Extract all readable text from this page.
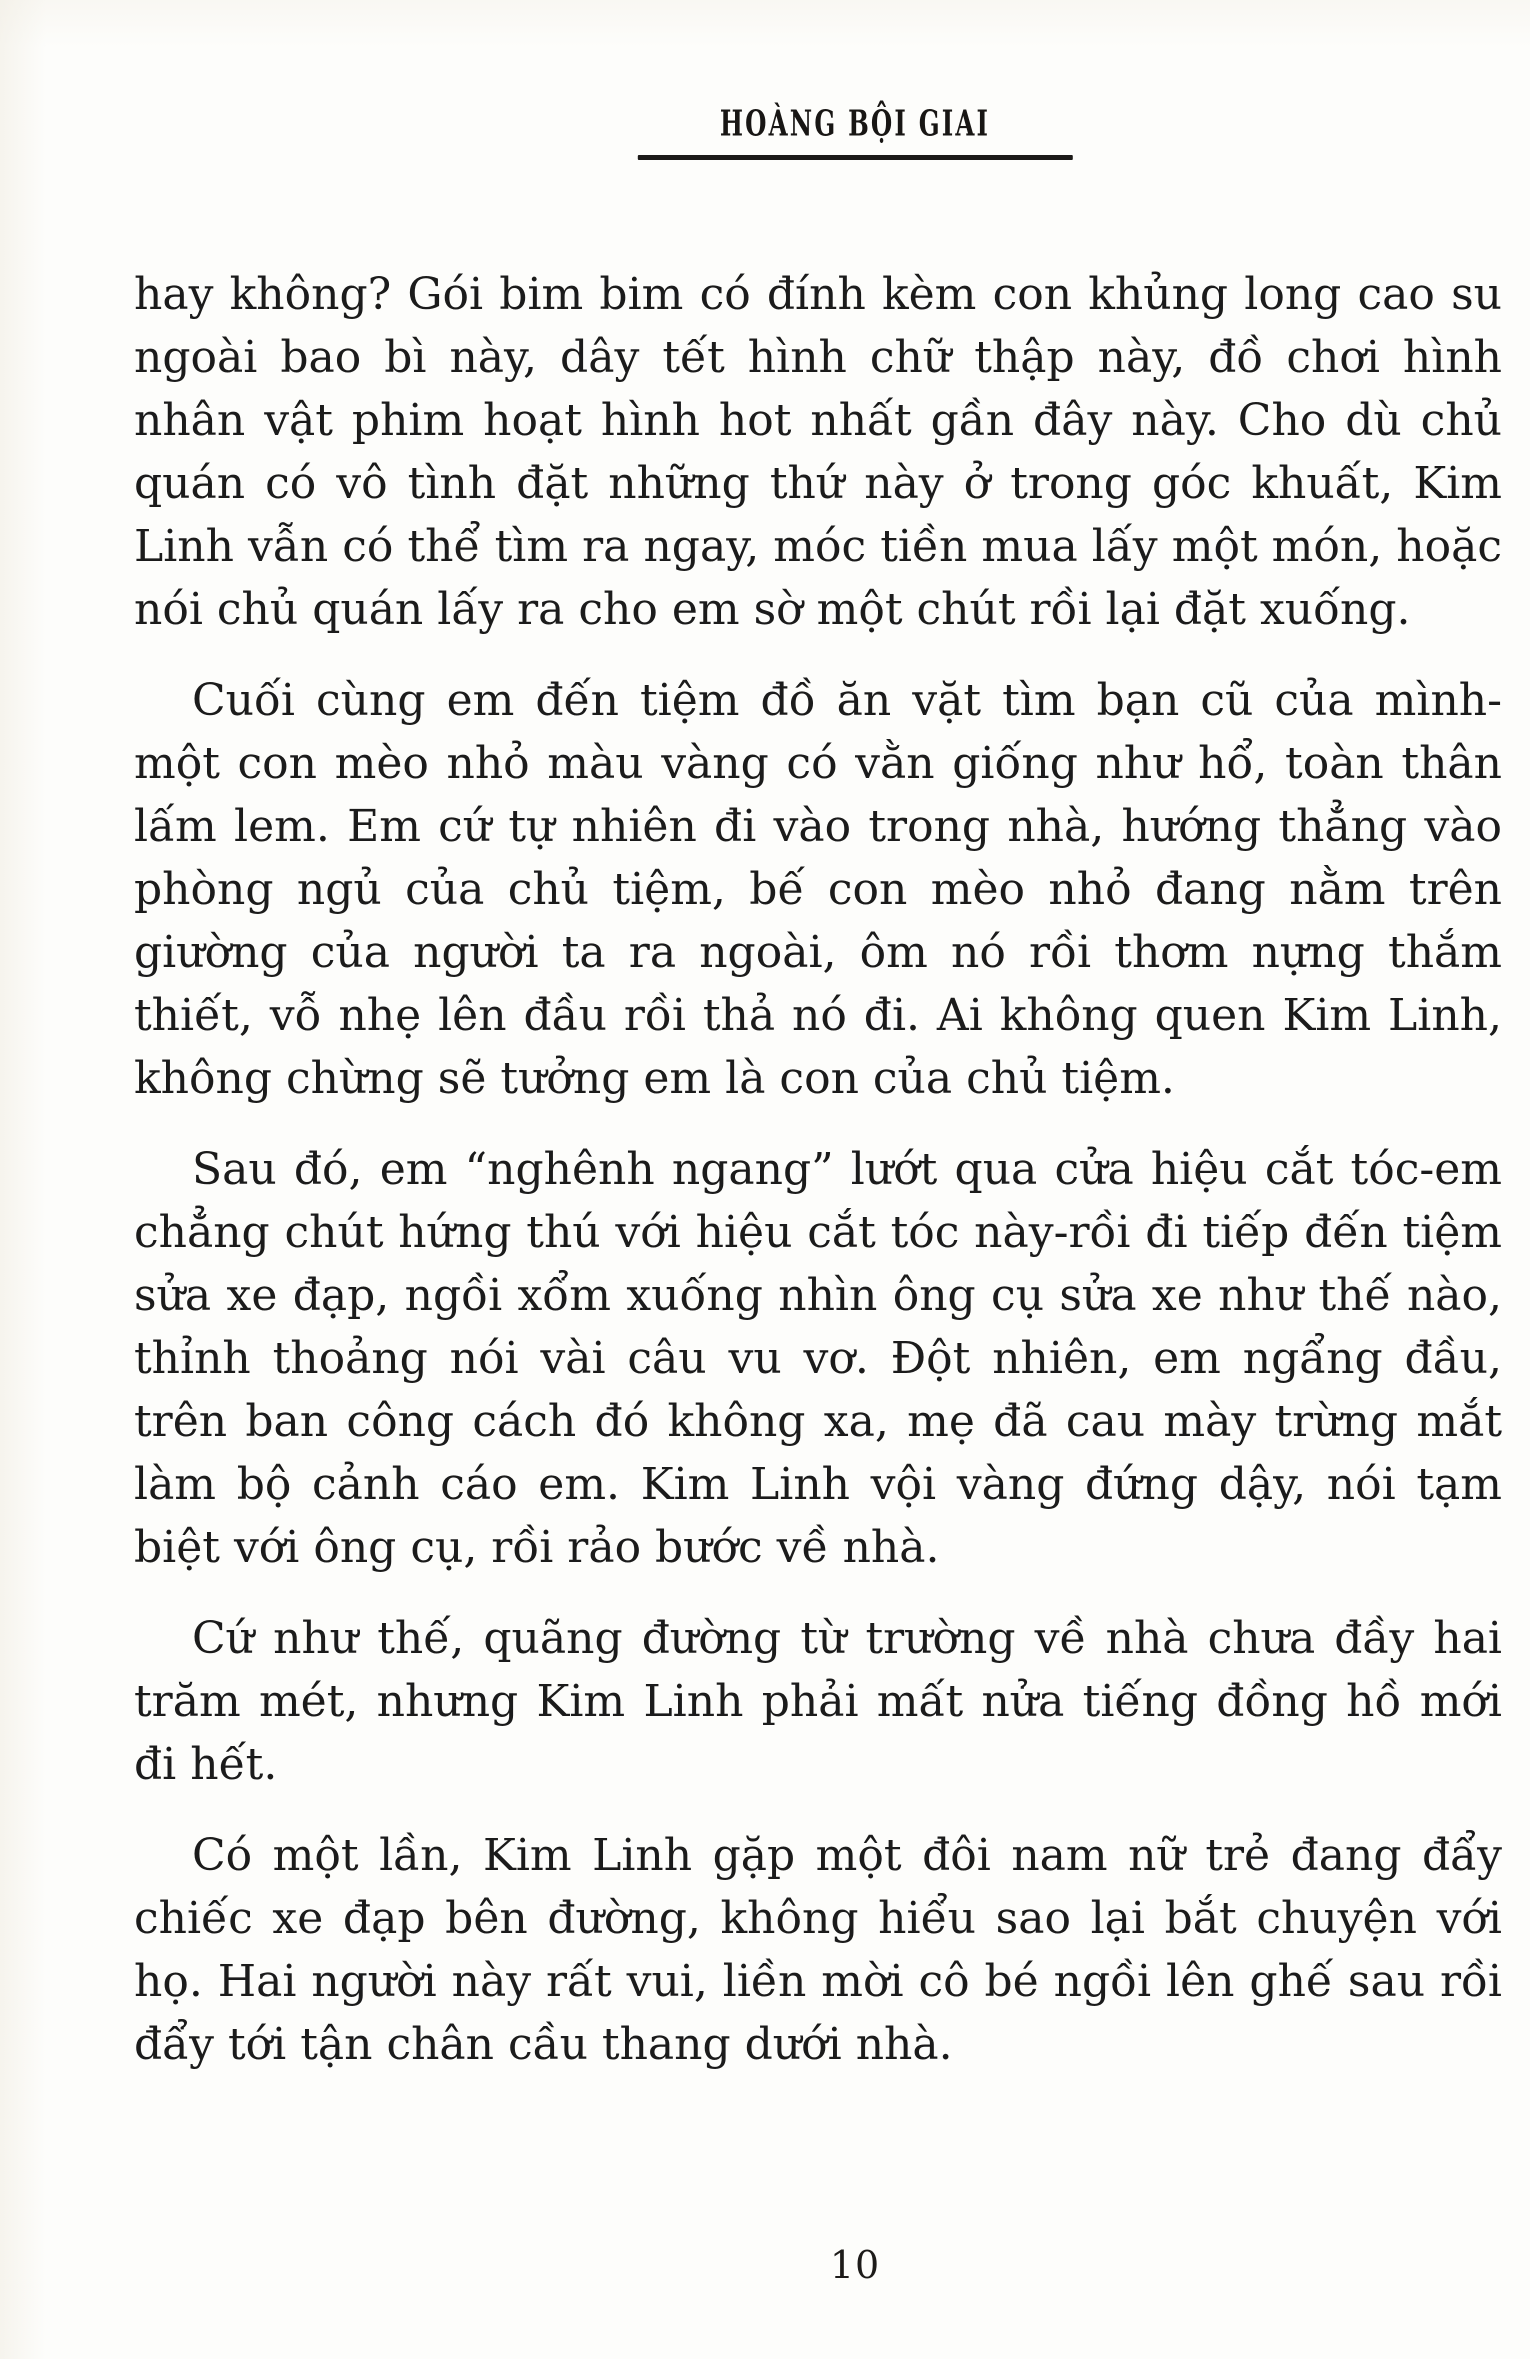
HOÀNG BỘI GIAI

hay không? Gói bim bim có đính kèm con khủng long cao su ngoài bao bì này, dây tết hình chữ thập này, đồ chơi hình nhân vật phim hoạt hình hot nhất gần đây này. Cho dù chủ quán có vô tình đặt những thứ này ở trong góc khuất, Kim Linh vẫn có thể tìm ra ngay, móc tiền mua lấy một món, hoặc nói chủ quán lấy ra cho em sờ một chút rồi lại đặt xuống.

Cuối cùng em đến tiệm đồ ăn vặt tìm bạn cũ của mình-một con mèo nhỏ màu vàng có vằn giống như hổ, toàn thân lấm lem. Em cứ tự nhiên đi vào trong nhà, hướng thẳng vào phòng ngủ của chủ tiệm, bế con mèo nhỏ đang nằm trên giường của người ta ra ngoài, ôm nó rồi thơm nựng thắm thiết, vỗ nhẹ lên đầu rồi thả nó đi. Ai không quen Kim Linh, không chừng sẽ tưởng em là con của chủ tiệm.

Sau đó, em “nghênh ngang” lướt qua cửa hiệu cắt tóc-em chẳng chút hứng thú với hiệu cắt tóc này-rồi đi tiếp đến tiệm sửa xe đạp, ngồi xổm xuống nhìn ông cụ sửa xe như thế nào, thỉnh thoảng nói vài câu vu vơ. Đột nhiên, em ngẩng đầu, trên ban công cách đó không xa, mẹ đã cau mày trừng mắt làm bộ cảnh cáo em. Kim Linh vội vàng đứng dậy, nói tạm biệt với ông cụ, rồi rảo bước về nhà.

Cứ như thế, quãng đường từ trường về nhà chưa đầy hai trăm mét, nhưng Kim Linh phải mất nửa tiếng đồng hồ mới đi hết.

Có một lần, Kim Linh gặp một đôi nam nữ trẻ đang đẩy chiếc xe đạp bên đường, không hiểu sao lại bắt chuyện với họ. Hai người này rất vui, liền mời cô bé ngồi lên ghế sau rồi đẩy tới tận chân cầu thang dưới nhà.

10
